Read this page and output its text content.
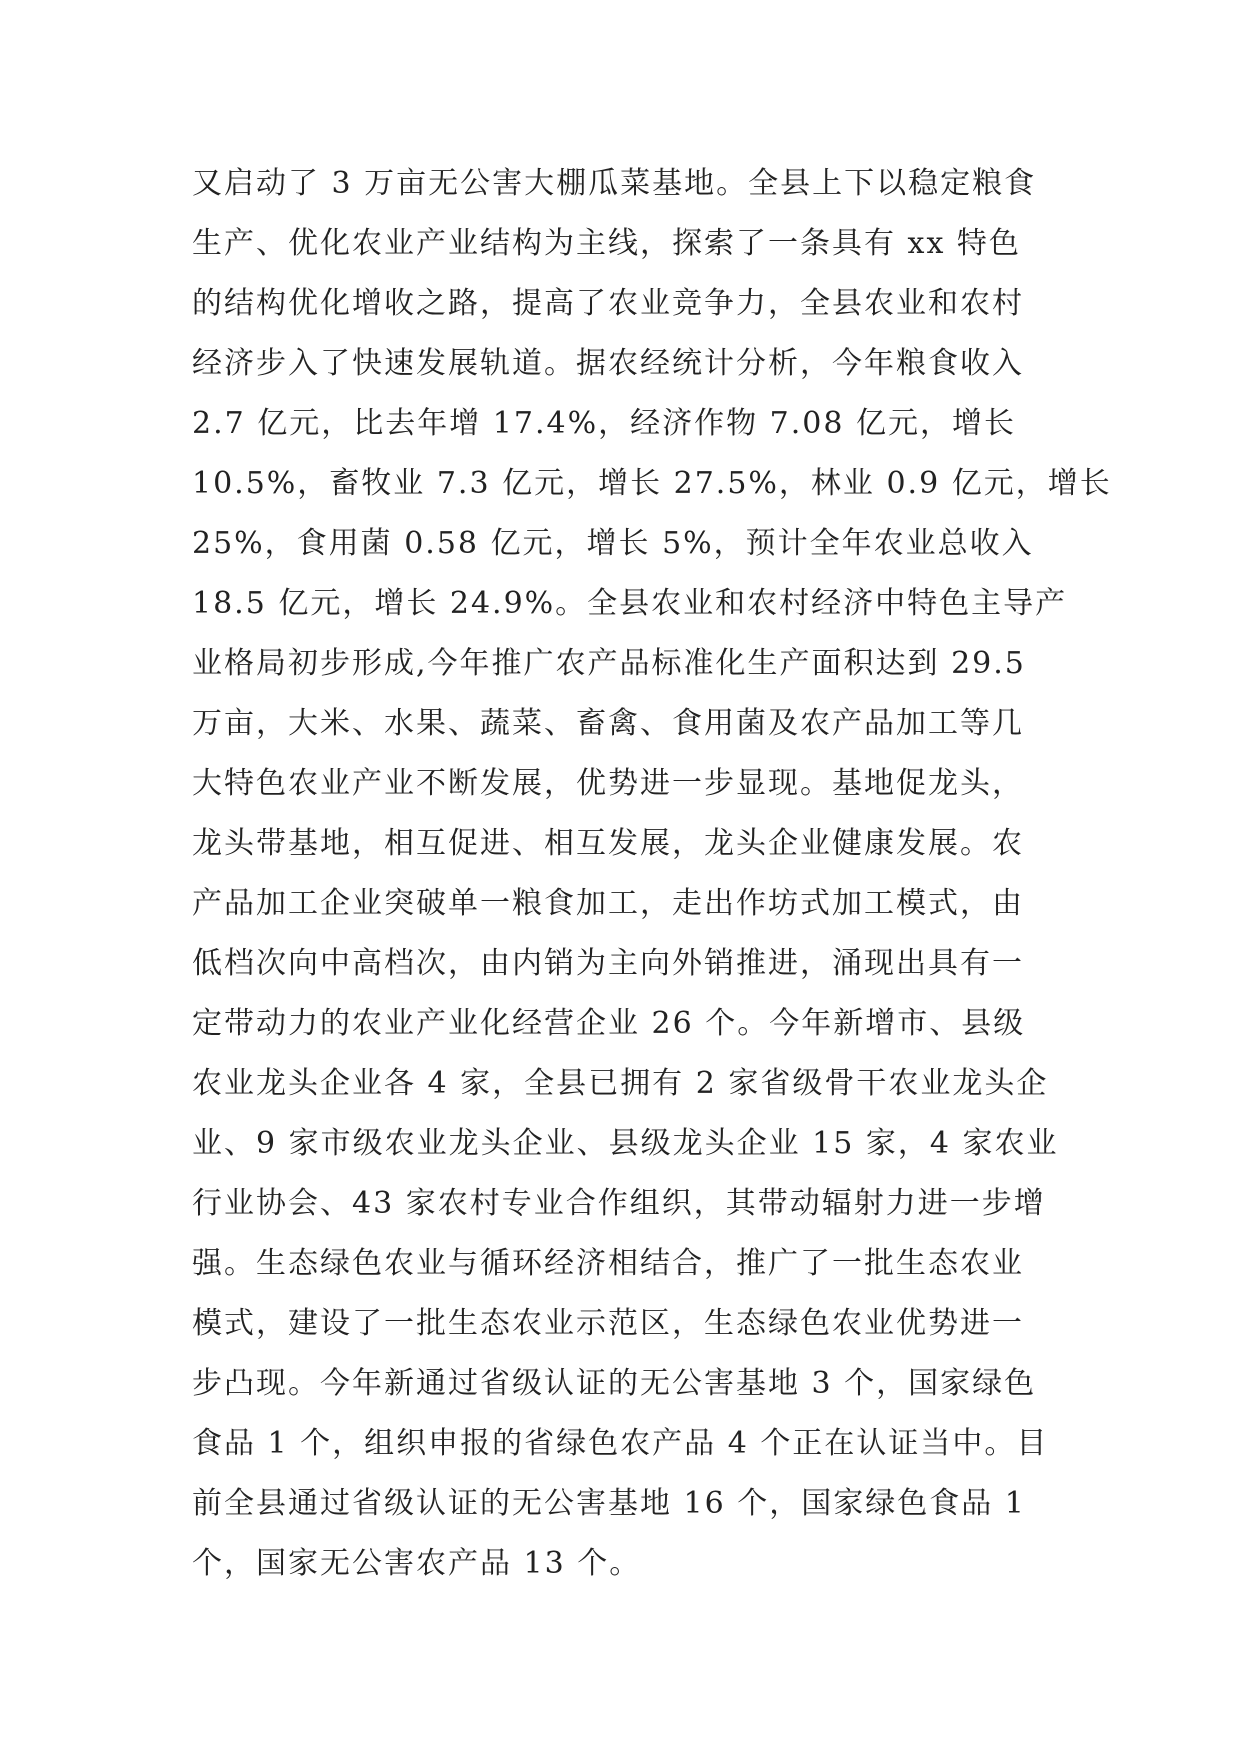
又启动了 3 万亩无公害大棚瓜菜基地。全县上下以稳定粮食
生产、优化农业产业结构为主线，探索了一条具有 xx 特色
的结构优化增收之路，提高了农业竞争力，全县农业和农村
经济步入了快速发展轨道。据农经统计分析，今年粮食收入
2.7 亿元，比去年增 17.4%，经济作物 7.08 亿元，增长
10.5%，畜牧业 7.3 亿元，增长 27.5%，林业 0.9 亿元，增长
25%，食用菌 0.58 亿元，增长 5%，预计全年农业总收入
18.5 亿元，增长 24.9%。全县农业和农村经济中特色主导产
业格局初步形成,今年推广农产品标准化生产面积达到 29.5
万亩，大米、水果、蔬菜、畜禽、食用菌及农产品加工等几
大特色农业产业不断发展，优势进一步显现。基地促龙头，
龙头带基地，相互促进、相互发展，龙头企业健康发展。农
产品加工企业突破单一粮食加工，走出作坊式加工模式，由
低档次向中高档次，由内销为主向外销推进，涌现出具有一
定带动力的农业产业化经营企业 26 个。今年新增市、县级
农业龙头企业各 4 家，全县已拥有 2 家省级骨干农业龙头企
业、9 家市级农业龙头企业、县级龙头企业 15 家，4 家农业
行业协会、43 家农村专业合作组织，其带动辐射力进一步增
强。生态绿色农业与循环经济相结合，推广了一批生态农业
模式，建设了一批生态农业示范区，生态绿色农业优势进一
步凸现。今年新通过省级认证的无公害基地 3 个，国家绿色
食品 1 个，组织申报的省绿色农产品 4 个正在认证当中。目
前全县通过省级认证的无公害基地 16 个，国家绿色食品 1
个，国家无公害农产品 13 个。
